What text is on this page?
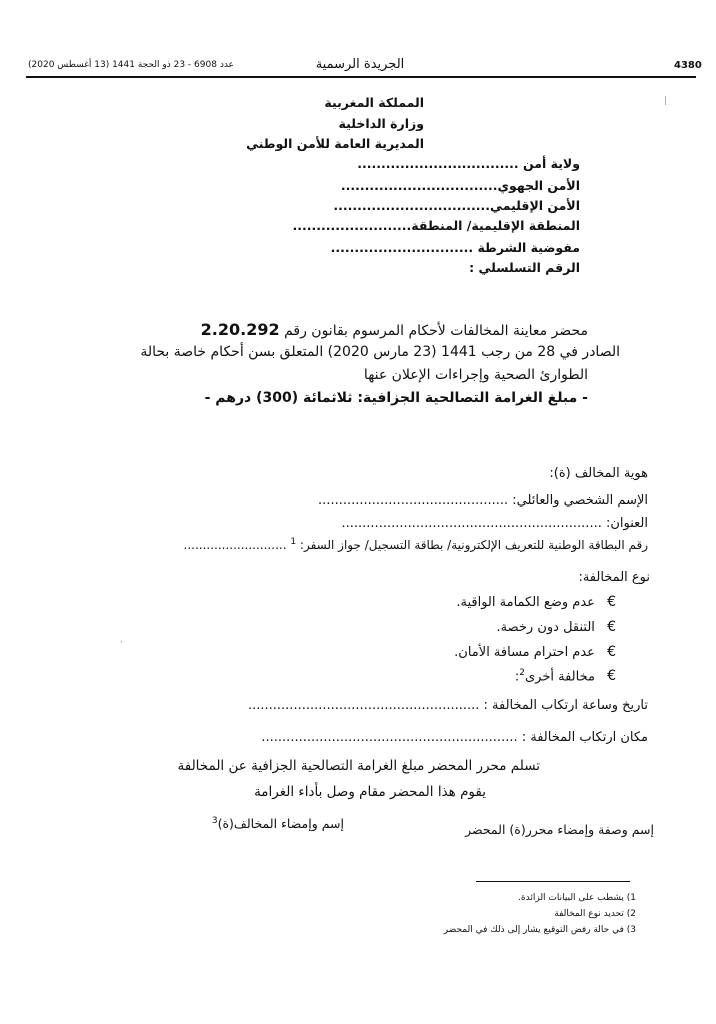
عدد 6908 - 23 ذو الحجة 1441 (13 أغسطس 2020)	الجريدة الرسمية	4380
|
المملكة المغربية
وزارة الداخلية
المديرية العامة للأمن الوطني
ولاية أمن ..................................
الأمن الجهوي.................................
الأمن الإقليمي.................................
المنطقة الإقليمية/ المنطقة.........................
مفوضية الشرطة ..............................
الرقم التسلسلي :
محضر معاينة المخالفات لأحكام المرسوم بقانون رقم 2.20.292
الصادر في 28 من رجب 1441 (23 مارس 2020) المتعلق بسن أحكام خاصة بحالة
الطوارئ الصحية وإجراءات الإعلان عنها
- مبلغ الغرامة التصالحية الجزافية: ثلاثمائة (300) درهم -
هوية المخالف (ة):
الإسم الشخصي والعائلي: ..............................................
العنوان: ...............................................................
رقم البطاقة الوطنية للتعريف الإلكترونية/ بطاقة التسجيل/ جواز السفر: $^1$ ...........................
نوع المخالفة:
€ عدم وضع الكمامة الواقية.
€ التنقل دون رخصة.
€ عدم احترام مسافة الأمان.
€ مخالفة أخرى$^2$:
'
تاريخ وساعة ارتكاب المخالفة : ........................................................
مكان ارتكاب المخالفة : ..............................................................
تسلم محرر المحضر مبلغ الغرامة التصالحية الجزافية عن المخالفة
يقوم هذا المحضر مقام وصل بأداء الغرامة
إسم وإمضاء المخالف(ة)$^3$
إسم وصفة وإمضاء محرر(ة) المحضر
1) يشطب على البيانات الزائدة.
2) تحديد نوع المخالفة
3) في حالة رفض التوقيع يشار إلى ذلك في المحضر
